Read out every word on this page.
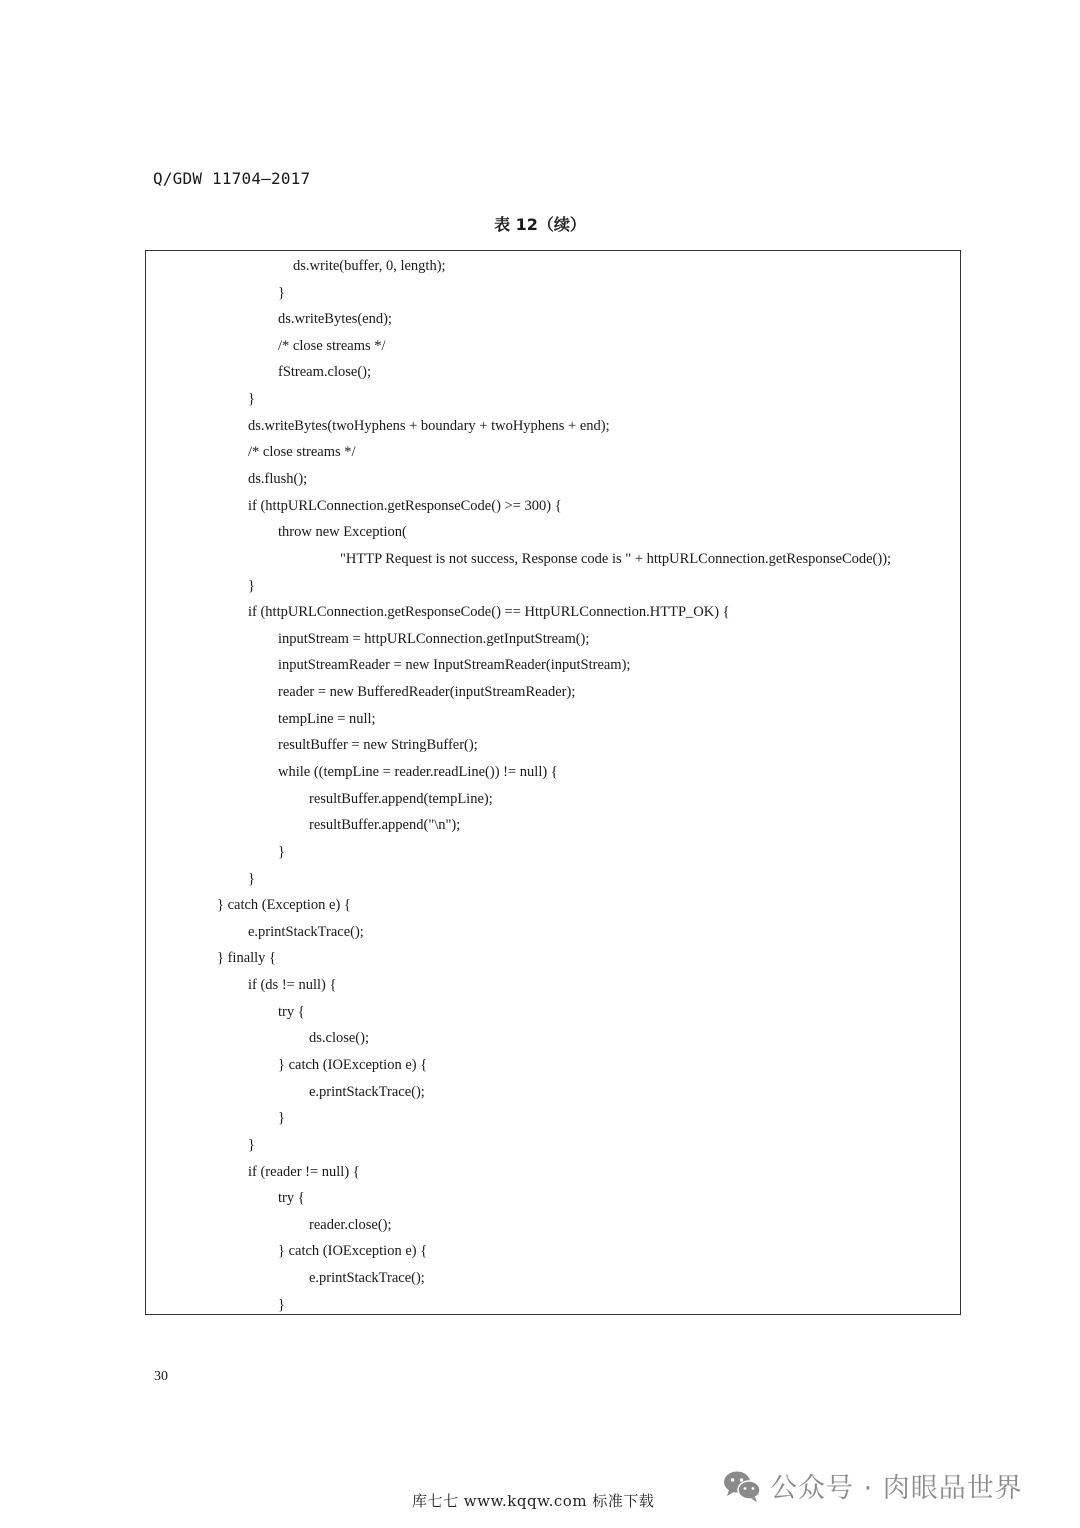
Q/GDW 11704—2017
表 12（续）
ds.write(buffer, 0, length);
}
ds.writeBytes(end);
/* close streams */
fStream.close();
}
ds.writeBytes(twoHyphens + boundary + twoHyphens + end);
/* close streams */
ds.flush();
if (httpURLConnection.getResponseCode() >= 300) {
throw new Exception(
"HTTP Request is not success, Response code is " + httpURLConnection.getResponseCode());
}
if (httpURLConnection.getResponseCode() == HttpURLConnection.HTTP_OK) {
inputStream = httpURLConnection.getInputStream();
inputStreamReader = new InputStreamReader(inputStream);
reader = new BufferedReader(inputStreamReader);
tempLine = null;
resultBuffer = new StringBuffer();
while ((tempLine = reader.readLine()) != null) {
resultBuffer.append(tempLine);
resultBuffer.append("\n");
}
}
} catch (Exception e) {
e.printStackTrace();
} finally {
if (ds != null) {
try {
ds.close();
} catch (IOException e) {
e.printStackTrace();
}
}
if (reader != null) {
try {
reader.close();
} catch (IOException e) {
e.printStackTrace();
}
30
库七七 www.kqqw.com 标准下载	公众号 · 肉眼品世界
